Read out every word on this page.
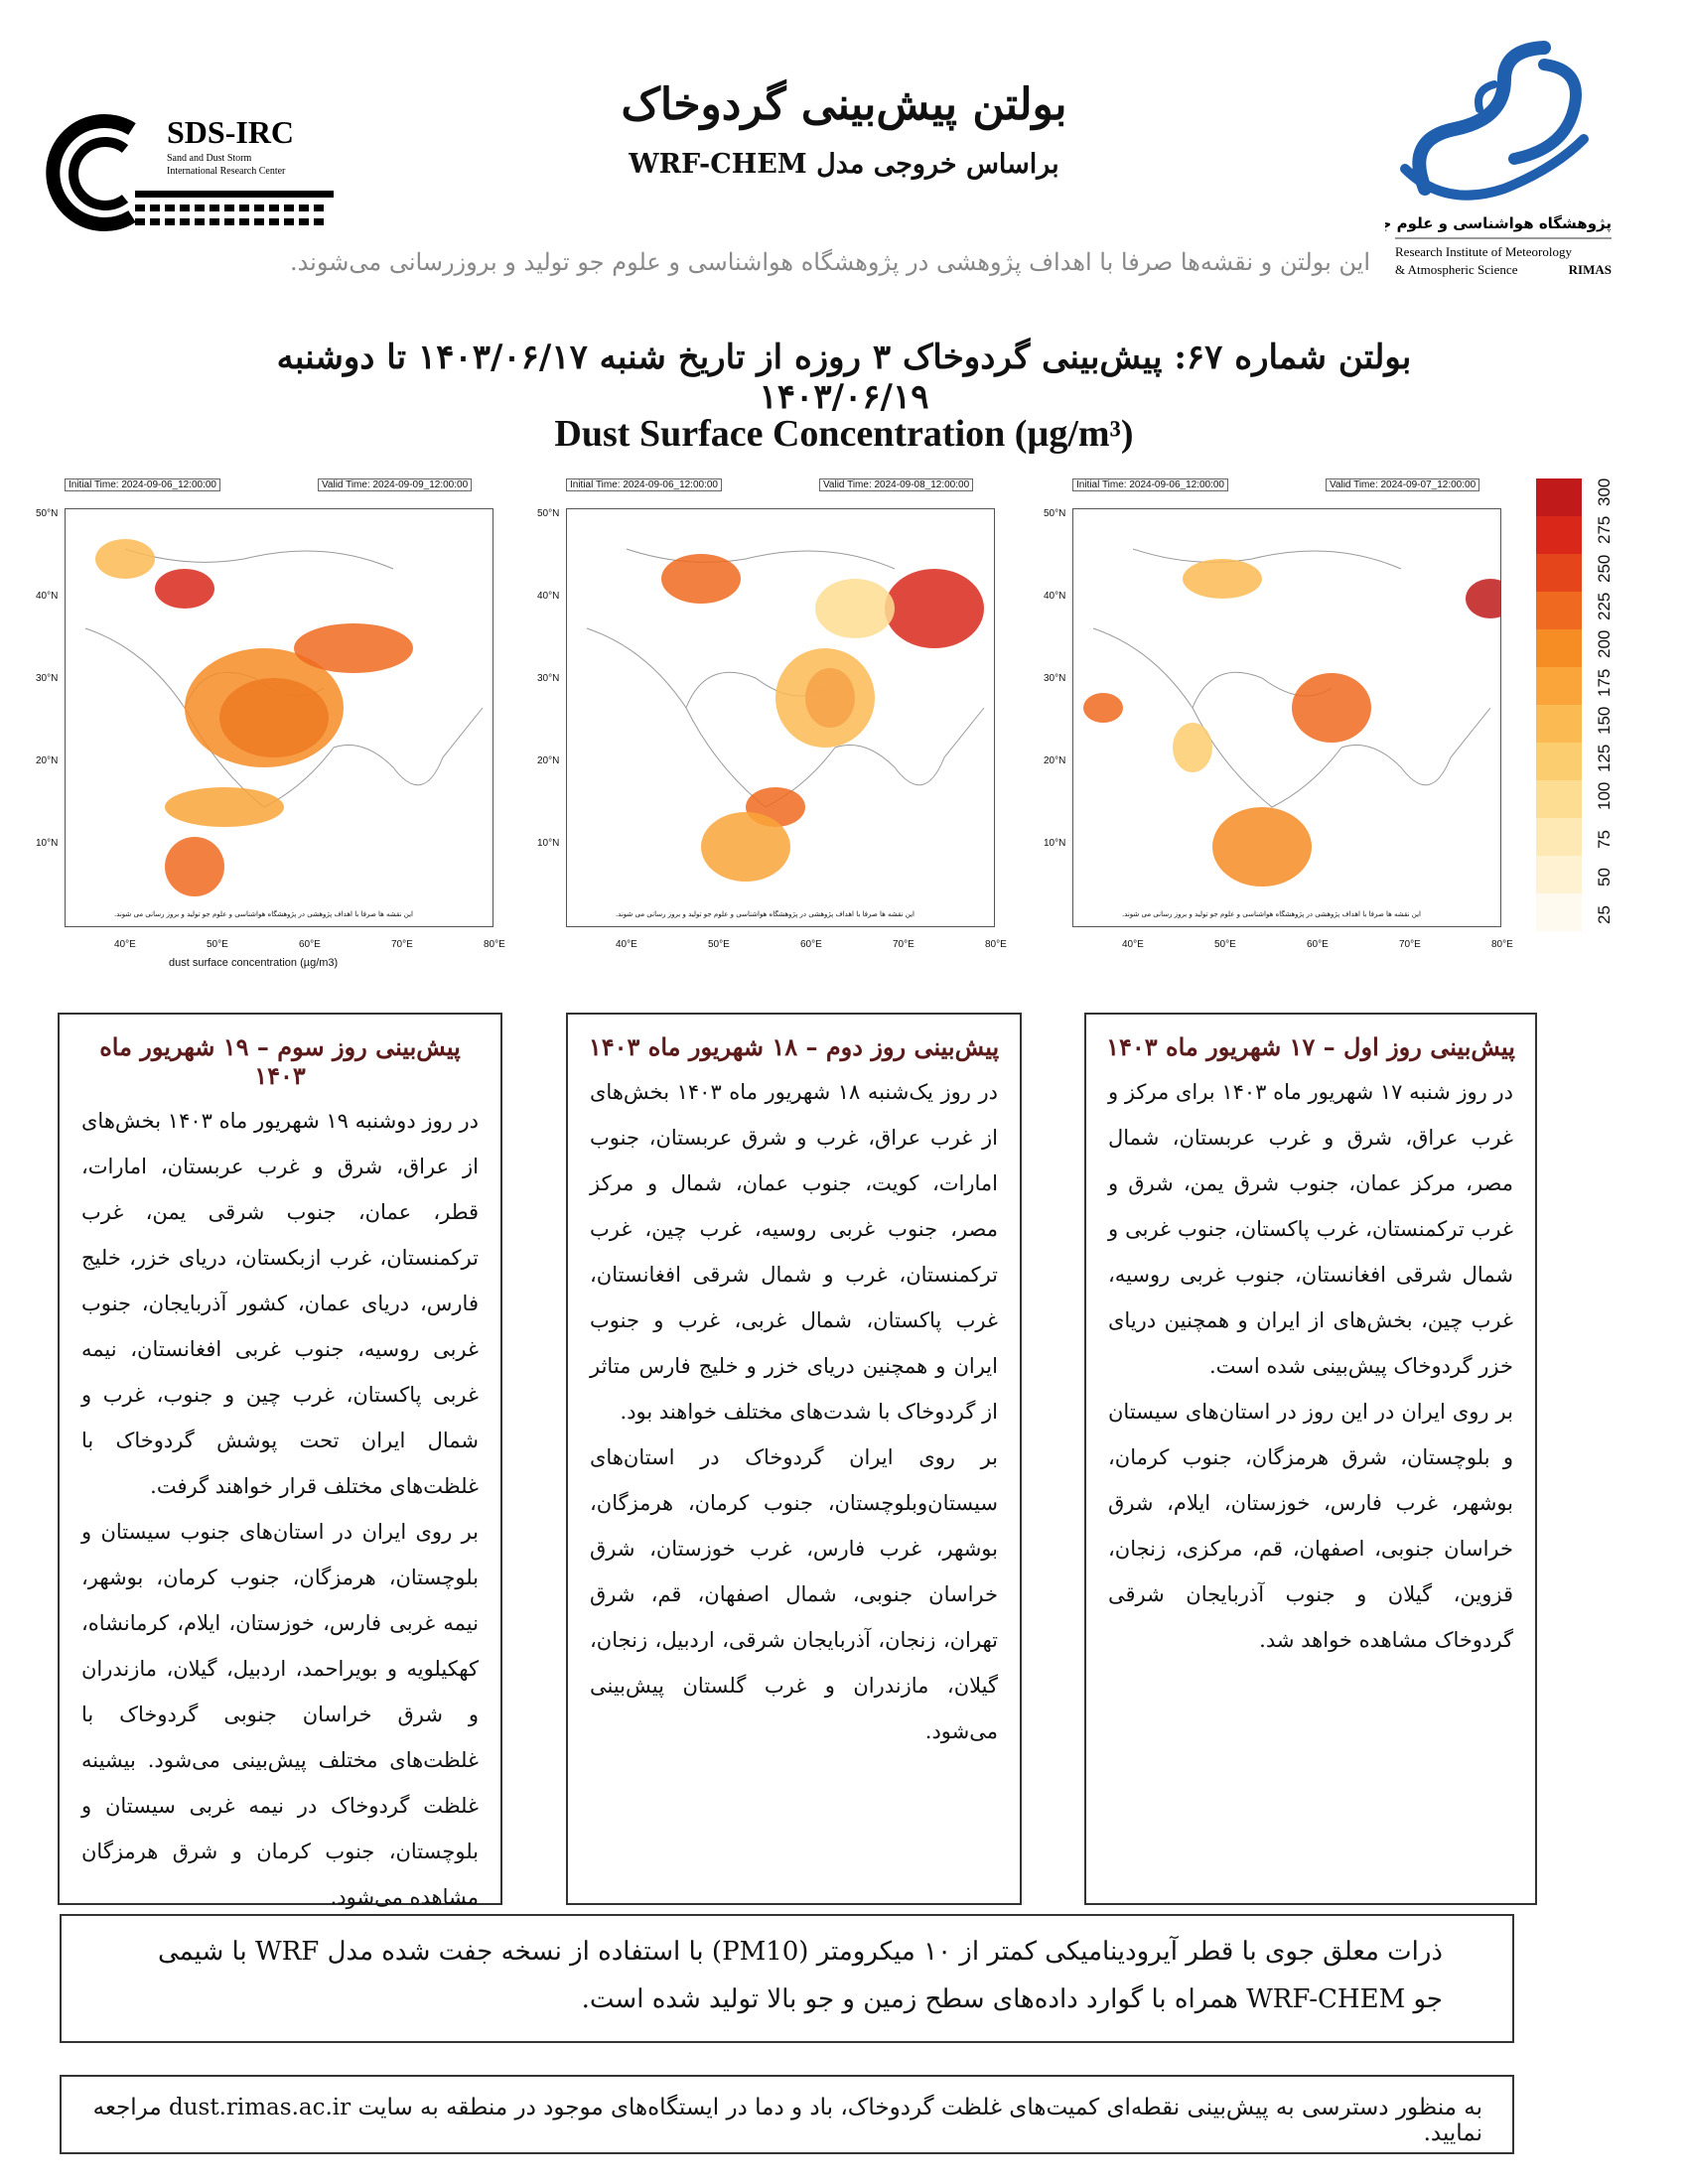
SDS-IRC
Sand and Dust Storm
International Research Center
پژوهشگاه هواشناسی و علوم جو
Research Institute of Meteorology
& Atmospheric Science	RIMAS
بولتن پیش‌بینی گردوخاک
براساس خروجی مدل WRF-CHEM
این بولتن و نقشه‌ها صرفا با اهداف پژوهشی در پژوهشگاه هواشناسی و علوم جو تولید و بروزرسانی می‌شوند.
بولتن شماره ۶۷: پیش‌بینی گردوخاک ۳ روزه از تاریخ شنبه ۱۴۰۳/۰۶/۱۷ تا دوشنبه ۱۴۰۳/۰۶/۱۹
Dust Surface Concentration (µg/m³)
Initial Time: 2024-09-06_12:00:00	Valid Time: 2024-09-09_12:00:00
این نقشه ها صرفا با اهداف پژوهشی در پژوهشگاه هواشناسی و علوم جو تولید و بروز رسانی می شوند.
dust surface concentration (µg/m3)
50°N
40°N
30°N
20°N
10°N
40°E	50°E	60°E	70°E	80°E
Initial Time: 2024-09-06_12:00:00	Valid Time: 2024-09-08_12:00:00
این نقشه ها صرفا با اهداف پژوهشی در پژوهشگاه هواشناسی و علوم جو تولید و بروز رسانی می شوند.
50°N
40°N
30°N
20°N
10°N
40°E	50°E	60°E	70°E	80°E
Initial Time: 2024-09-06_12:00:00	Valid Time: 2024-09-07_12:00:00
این نقشه ها صرفا با اهداف پژوهشی در پژوهشگاه هواشناسی و علوم جو تولید و بروز رسانی می شوند.
50°N
40°N
30°N
20°N
10°N
40°E	50°E	60°E	70°E	80°E
300
275
250
225
200
175
150
125
100
75
50
25
پیش‌بینی روز سوم – ۱۹ شهریور ماه ۱۴۰۳

در روز دوشنبه ۱۹ شهریور ماه ۱۴۰۳ بخش‌های از عراق، شرق و غرب عربستان، امارات، قطر، عمان، جنوب شرقی یمن، غرب ترکمنستان، غرب ازبکستان، دریای خزر، خلیج فارس، دریای عمان، کشور آذربایجان، جنوب غربی روسیه، جنوب غربی افغانستان، نیمه غربی پاکستان، غرب چین و جنوب، غرب و شمال ایران تحت پوشش گردوخاک با غلظت‌های مختلف قرار خواهند گرفت.

بر روی ایران در استان‌های جنوب سیستان و بلوچستان، هرمزگان، جنوب کرمان، بوشهر، نیمه غربی فارس، خوزستان، ایلام، کرمانشاه، کهکیلویه و بویراحمد، اردبیل، گیلان، مازندران و شرق خراسان جنوبی گردوخاک با غلظت‌های مختلف پیش‌بینی می‌شود. بیشینه غلظت گردوخاک در نیمه غربی سیستان و بلوچستان، جنوب کرمان و شرق هرمزگان مشاهده می‌شود.

پیش‌بینی روز دوم – ۱۸ شهریور ماه ۱۴۰۳

در روز یک‌شنبه ۱۸ شهریور ماه ۱۴۰۳ بخش‌های از غرب عراق، غرب و شرق عربستان، جنوب امارات، کویت، جنوب عمان، شمال و مرکز مصر، جنوب غربی روسیه، غرب چین، غرب ترکمنستان، غرب و شمال شرقی افغانستان، غرب پاکستان، شمال غربی، غرب و جنوب ایران و همچنین دریای خزر و خلیج فارس متاثر از گردوخاک با شدت‌های مختلف خواهند بود.

بر روی ایران گردوخاک در استان‌های سیستان‌وبلوچستان، جنوب کرمان، هرمزگان، بوشهر، غرب فارس، غرب خوزستان، شرق خراسان جنوبی، شمال اصفهان، قم، شرق تهران، زنجان، آذربایجان شرقی، اردبیل، زنجان، گیلان، مازندران و غرب گلستان پیش‌بینی می‌شود.

پیش‌بینی روز اول – ۱۷ شهریور ماه ۱۴۰۳

در روز شنبه ۱۷ شهریور ماه ۱۴۰۳ برای مرکز و غرب عراق، شرق و غرب عربستان، شمال مصر، مرکز عمان، جنوب شرق یمن، شرق و غرب ترکمنستان، غرب پاکستان، جنوب غربی و شمال شرقی افغانستان، جنوب غربی روسیه، غرب چین، بخش‌های از ایران و همچنین دریای خزر گردوخاک پیش‌بینی شده است.

بر روی ایران در این روز در استان‌های سیستان و بلوچستان، شرق هرمزگان، جنوب کرمان، بوشهر، غرب فارس، خوزستان، ایلام، شرق خراسان جنوبی، اصفهان، قم، مرکزی، زنجان، قزوین، گیلان و جنوب آذربایجان شرقی گردوخاک مشاهده خواهد شد.

ذرات معلق جوی با قطر آیرودینامیکی کمتر از ۱۰ میکرومتر (PM10) با استفاده از نسخه جفت شده مدل WRF با شیمی جو WRF-CHEM همراه با گوارد داده‌های سطح زمین و جو بالا تولید شده است.
به منظور دسترسی به پیش‌بینی نقطه‌ای کمیت‌های غلظت گردوخاک، باد و دما در ایستگاه‌های موجود در منطقه به سایت dust.rimas.ac.ir مراجعه نمایید.
